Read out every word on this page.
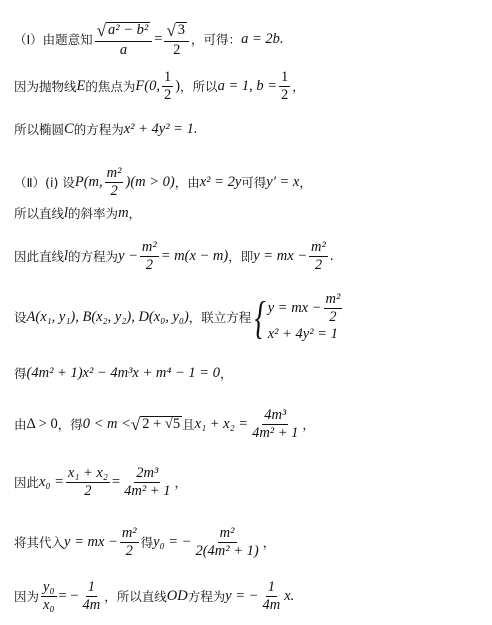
（Ⅰ）由题意知 $\frac{\text{√ a² − b²}}{a} = \frac{√ 3}{2}$ ，可得： a = 2b.
因为抛物线 E 的焦点为 F(0, $\frac{1}{2}$ ) ，所以 a = 1, $b = \frac{1}{2}$ ，
所以椭圆 C 的方程为 x² + 4y² = 1.
（Ⅱ）(ⅰ) 设 P(m, $\frac{\text{m²}}{2} )(m > 0)$ ，由 x² = 2y 可得 y′ = x ，
所以直线 l 的斜率为 m ，
因此直线 l 的方程为 $y - \frac{\text{m²}}{2} = m(x - m)$ ，即 y = mx − $\frac{\text{m²}}{2}$ .
设 A(x₁, y₁), B(x₂, y₂), D(x₀, y₀) ，联立方程 { y = mx − $\frac{\text{m²}}{2}$
x² + 4y² = 1
得 (4m² + 1)x² − 4m³x + m⁴ − 1 = 0 ，
由 Δ > 0 ，得 0 < m < √ 2 + √5 且 $x_1 + x_2 = \frac{\text{4m³}}{\text{4m² + 1}}$ ，
因此 $x_0 = \frac{\text{x₁ + x₂}}{2} = \frac{\text{2m³}}{\text{4m² + 1}}$ ，
将其代入 y = mx − $\frac{\text{m²}}{2}$ 得 y₀ = − $\frac{\text{m²}}{\text{2(4m² + 1)}}$ ，
因为 $\frac{\text{y₀}}{\text{x₀}}$ = − $\frac{1}{4m}$ ，所以直线 OD 方程为 y = − $\frac{1}{4m} x$.
